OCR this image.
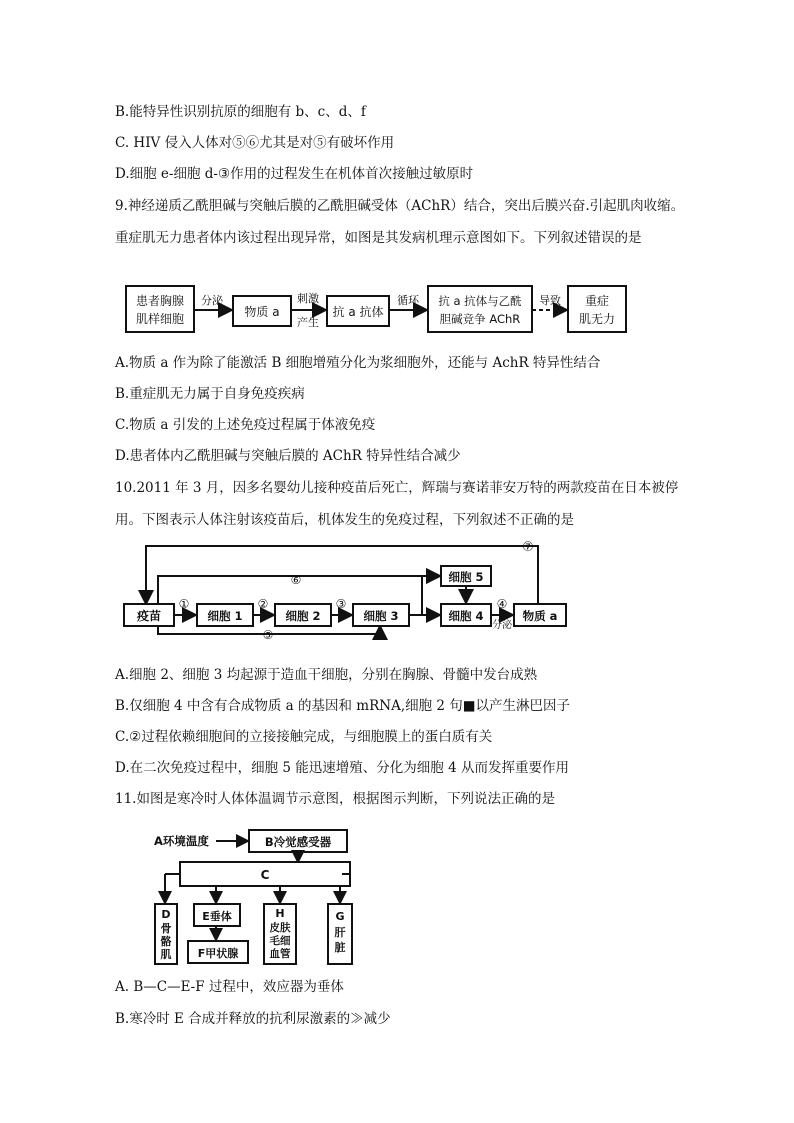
B.能特异性识别抗原的细胞有 b、c、d、f
C. HIV 侵入人体对⑤⑥尤其是对⑤有破坏作用
D.细胞 e-细胞 d-③作用的过程发生在机体首次接触过敏原时
9.神经递质乙酰胆碱与突触后膜的乙酰胆碱受体（AChR）结合，突出后膜兴奋.引起肌肉收缩。
重症肌无力患者体内该过程出现异常，如图是其发病机理示意图如下。下列叙述错误的是
患者胸腺
肌样细胞
分泌
物质 a
刺激
产生
抗 a 抗体
循环 抗 a 抗体与乙酰
胆碱竞争 AChR
导致 重症
肌无力
A.物质 a 作为除了能激活 B 细胞增殖分化为浆细胞外，还能与 AchR 特异性结合
B.重症肌无力属于自身免疫疾病
C.物质 a 引发的上述免疫过程属于体液免疫
D.患者体内乙酰胆碱与突触后膜的 AChR 特异性结合减少
10.2011 年 3 月，因多名婴幼儿接种疫苗后死亡，辉瑞与赛诺菲安万特的两款疫苗在日本被停
用。下图表示人体注射该疫苗后，机体发生的免疫过程，下列叙述不正确的是
⑦
⑥
⑤
疫苗
①
细胞 1
②
细胞 2
③
细胞 3
细胞 5
细胞 4
④
分泌
物质 a
A.细胞 2、细胞 3 均起源于造血干细胞，分别在胸腺、骨髓中发台成熟
B.仅细胞 4 中含有合成物质 a 的基因和 mRNA,细胞 2 句■以产生淋巴因子
C.②过程依赖细胞间的立接接触完成，与细胞膜上的蛋白质有关
D.在二次免疫过程中，细胞 5 能迅速增殖、分化为细胞 4 从而发挥重要作用
11.如图是寒冷时人体体温调节示意图，根据图示判断，下列说法正确的是
A环境温度	B冷觉感受器
C
D
骨
骼
肌
E垂体
F甲状腺
H
皮肤
毛细
血管
G
肝
脏
A. B—C—E-F 过程中，效应器为垂体
B.寒冷时 E 合成并释放的抗利尿激素的≫减少
